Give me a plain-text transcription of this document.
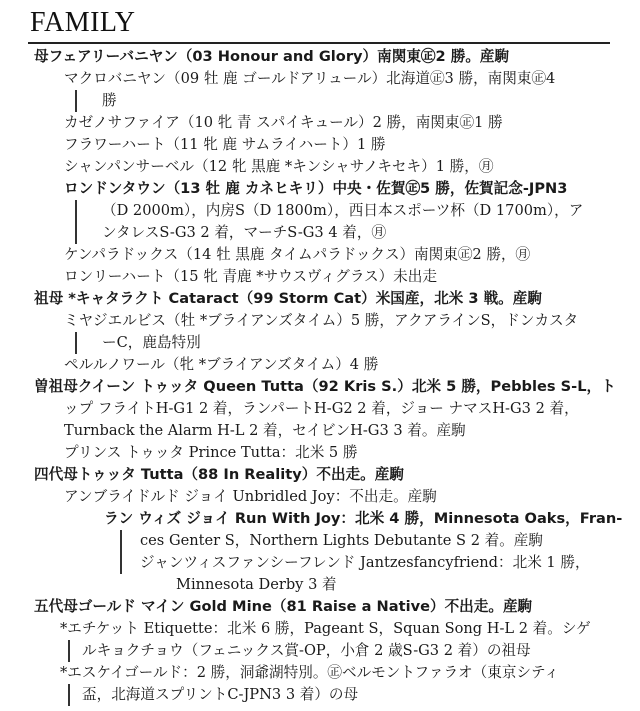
FAMILY
母フェアリーバニヤン（03 Honour and Glory）南関東㊣2 勝。産駒
マクロバニヤン（09 牡 鹿 ゴールドアリュール）北海道㊣3 勝，南関東㊣4
勝
カゼノサファイア（10 牝 青 スパイキュール）2 勝，南関東㊣1 勝
フラワーハート（11 牝 鹿 サムライハート）1 勝
シャンパンサーベル（12 牝 黒鹿 *キンシャサノキセキ）1 勝，㊊
ロンドンタウン（13 牡 鹿 カネヒキリ）中央・佐賀㊣5 勝，佐賀記念-JPN3
（D 2000m），内房S（D 1800m），西日本スポーツ杯（D 1700m），ア
ンタレスS-G3 2 着，マーチS-G3 4 着，㊊
ケンパラドックス（14 牡 黒鹿 タイムパラドックス）南関東㊣2 勝，㊊
ロンリーハート（15 牝 青鹿 *サウスヴィグラス）未出走
祖母 *キャタラクト Cataract（99 Storm Cat）米国産，北米 3 戦。産駒
ミヤジエルビス（牡 *ブライアンズタイム）5 勝，アクアラインS，ドンカスタ
ーC，鹿島特別
ペルルノワール（牝 *ブライアンズタイム）4 勝
曽祖母クイーン トゥッタ Queen Tutta（92 Kris S.）北米 5 勝，Pebbles S-L，ト
ップ フライトH-G1 2 着，ランパートH-G2 2 着，ジョー ナマスH-G3 2 着，
Turnback the Alarm H-L 2 着，セイビンH-G3 3 着。産駒
プリンス トゥッタ Prince Tutta：北米 5 勝
四代母トゥッタ Tutta（88 In Reality）不出走。産駒
アンブライドルド ジョイ Unbridled Joy：不出走。産駒
ラン ウィズ ジョイ Run With Joy：北米 4 勝，Minnesota Oaks，Fran-
ces Genter S，Northern Lights Debutante S 2 着。産駒
ジャンツィスファンシーフレンド Jantzesfancyfriend：北米 1 勝，
Minnesota Derby 3 着
五代母ゴールド マイン Gold Mine（81 Raise a Native）不出走。産駒
*エチケット Etiquette：北米 6 勝，Pageant S，Squan Song H-L 2 着。シゲ
ルキョクチョウ（フェニックス賞-OP，小倉 2 歳S-G3 2 着）の祖母
*エスケイゴールド：2 勝，洞爺湖特別。㊣ベルモントファラオ（東京シティ
盃，北海道スプリントC-JPN3 3 着）の母
